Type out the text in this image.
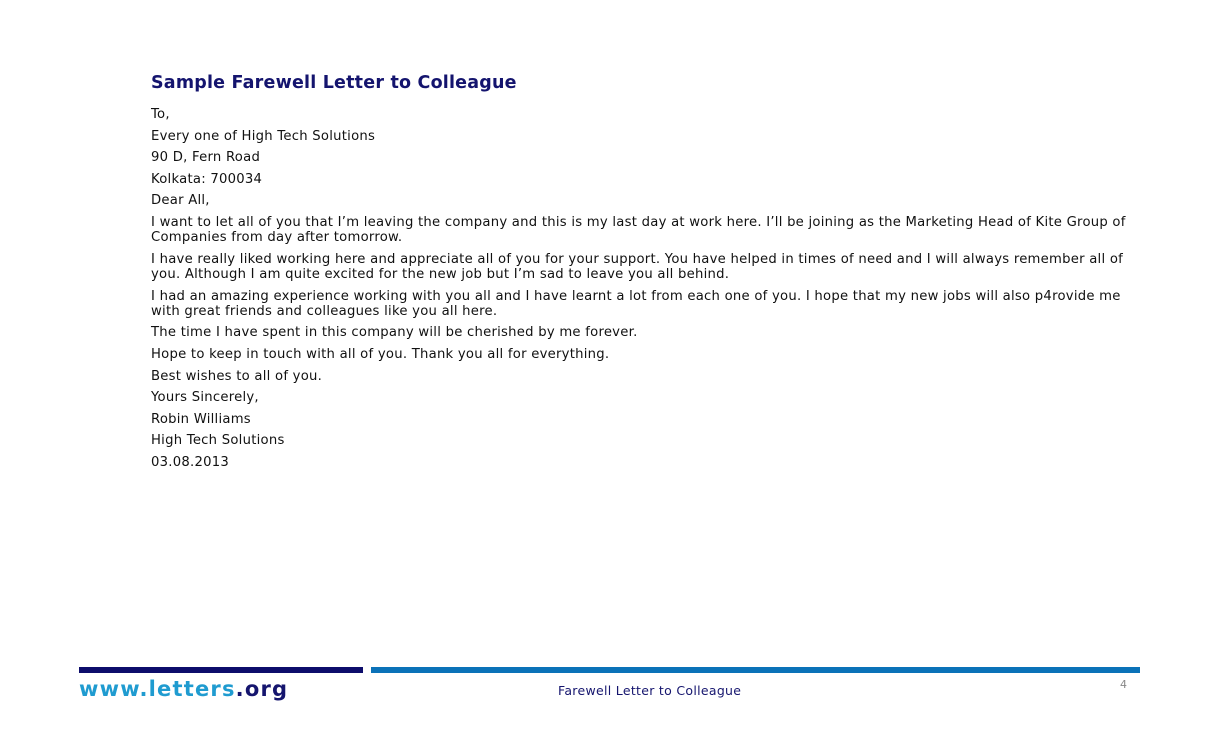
Sample Farewell Letter to Colleague

To,

Every one of High Tech Solutions

90 D, Fern Road

Kolkata: 700034

Dear All,

I want to let all of you that I’m leaving the company and this is my last day at work here. I’ll be joining as the Marketing Head of Kite Group of Companies from day after tomorrow.

I have really liked working here and appreciate all of you for your support. You have helped in times of need and I will always remember all of you. Although I am quite excited for the new job but I’m sad to leave you all behind.

I had an amazing experience working with you all and I have learnt a lot from each one of you. I hope that my new jobs will also p4rovide me with great friends and colleagues like you all here.

The time I have spent in this company will be cherished by me forever.

Hope to keep in touch with all of you. Thank you all for everything.

Best wishes to all of you.

Yours Sincerely,

Robin Williams

High Tech Solutions

03.08.2013

www.letters.org	Farewell Letter to Colleague	4
